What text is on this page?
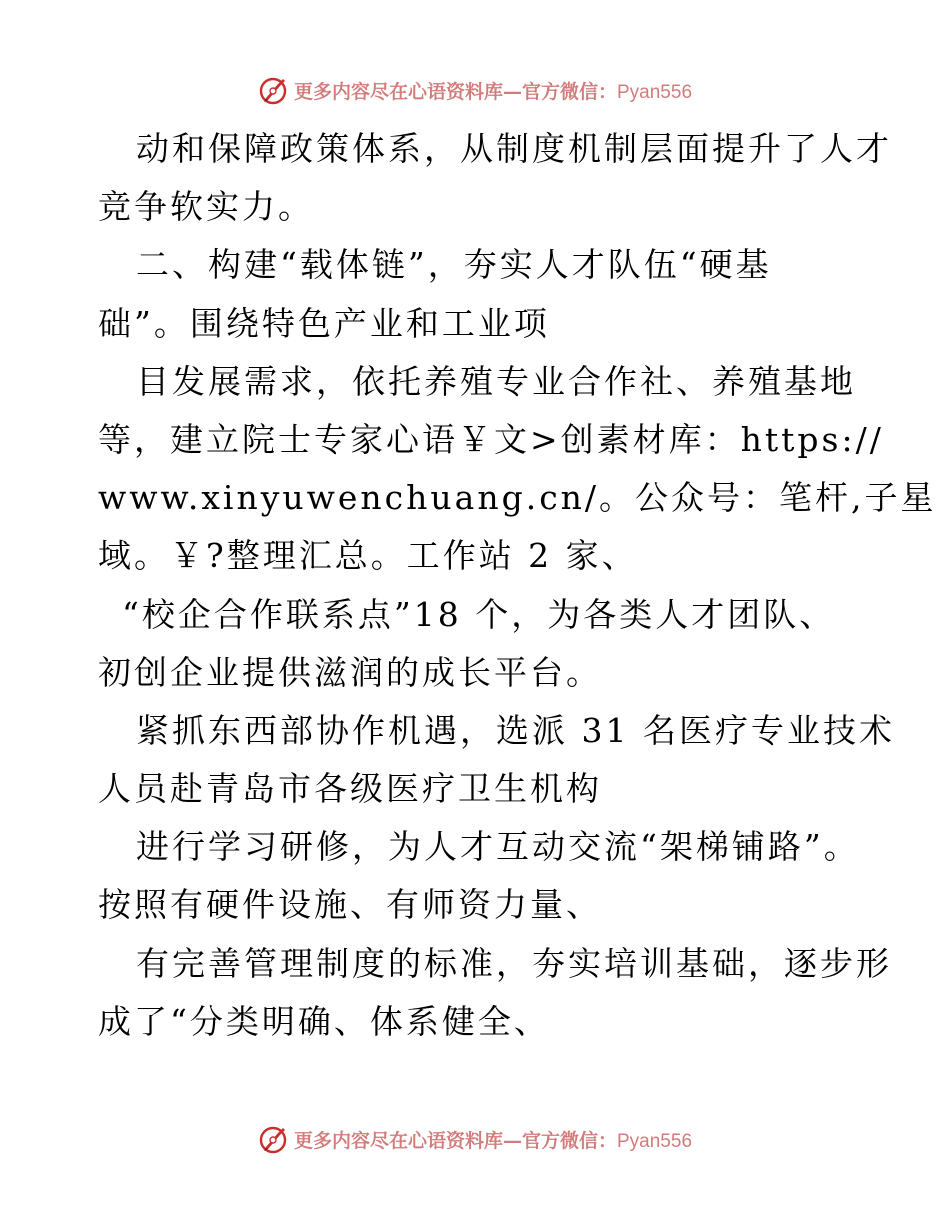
更多内容尽在心语资料库—官方微信：Pyan556
动和保障政策体系，从制度机制层面提升了人才
竞争软实力。
二、构建“载体链”，夯实人才队伍“硬基
础”。围绕特色产业和工业项
目发展需求，依托养殖专业合作社、养殖基地
等，建立院士专家心语￥文>创素材库：https://
www.xinyuwenchuang.cn/。公众号：笔杆,子星
域。￥?整理汇总。工作站 2 家、
“校企合作联系点”18 个，为各类人才团队、
初创企业提供滋润的成长平台。
紧抓东西部协作机遇，选派 31 名医疗专业技术
人员赴青岛市各级医疗卫生机构
进行学习研修，为人才互动交流“架梯铺路”。
按照有硬件设施、有师资力量、
有完善管理制度的标准，夯实培训基础，逐步形
成了“分类明确、体系健全、
更多内容尽在心语资料库—官方微信：Pyan556
